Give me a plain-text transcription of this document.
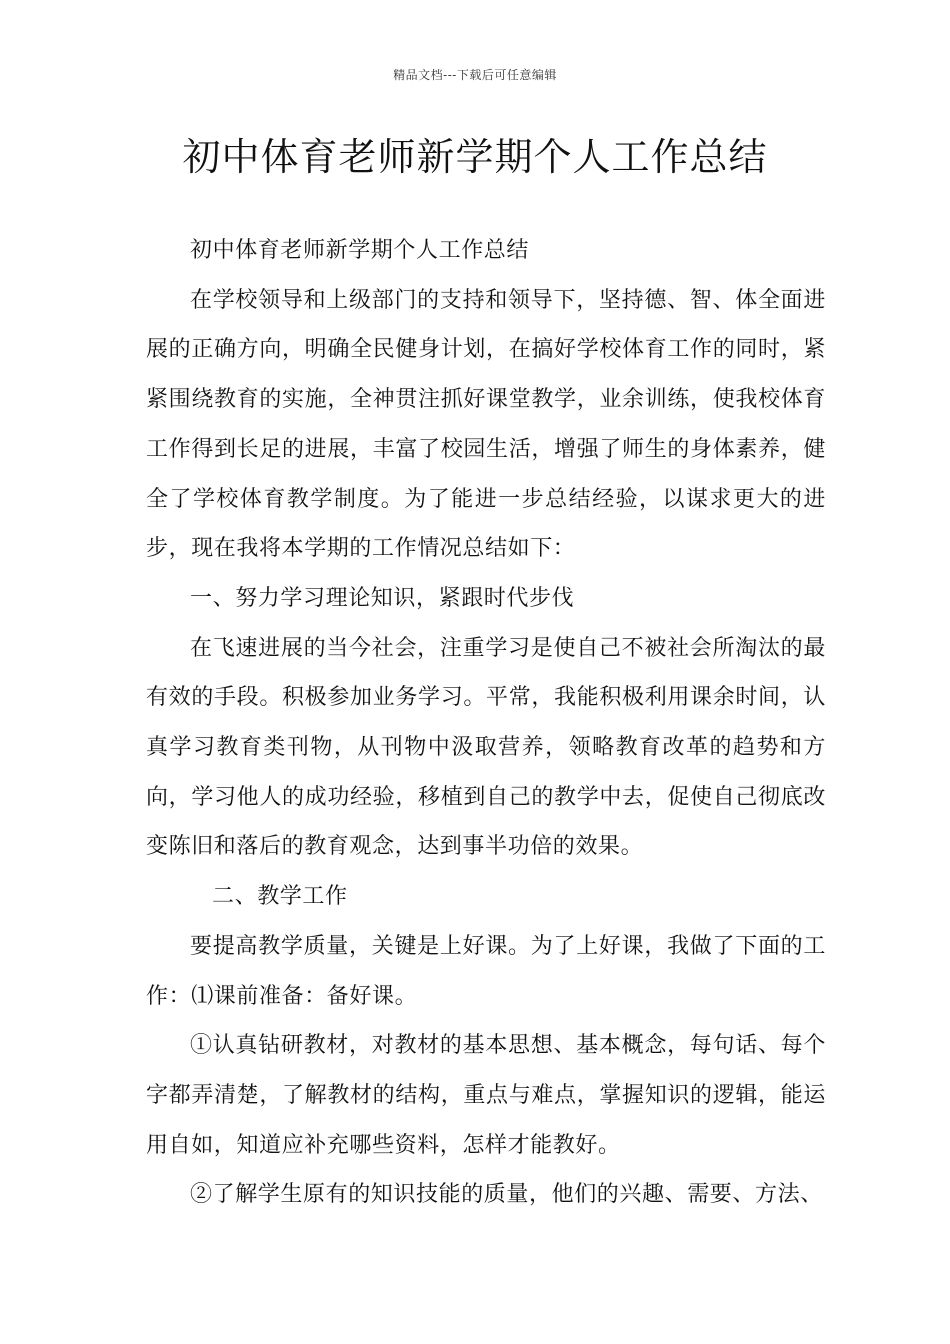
精品文档---下载后可任意编辑
初中体育老师新学期个人工作总结

初中体育老师新学期个人工作总结

在学校领导和上级部门的支持和领导下，坚持德、智、体全面进展的正确方向，明确全民健身计划，在搞好学校体育工作的同时，紧紧围绕教育的实施，全神贯注抓好课堂教学，业余训练，使我校体育工作得到长足的进展，丰富了校园生活，增强了师生的身体素养，健全了学校体育教学制度。为了能进一步总结经验，以谋求更大的进步，现在我将本学期的工作情况总结如下：

一、努力学习理论知识，紧跟时代步伐

在飞速进展的当今社会，注重学习是使自己不被社会所淘汰的最有效的手段。积极参加业务学习。平常，我能积极利用课余时间，认真学习教育类刊物，从刊物中汲取营养，领略教育改革的趋势和方向，学习他人的成功经验，移植到自己的教学中去，促使自己彻底改变陈旧和落后的教育观念，达到事半功倍的效果。

二、教学工作

要提高教学质量，关键是上好课。为了上好课，我做了下面的工作：⑴课前准备：备好课。

①认真钻研教材，对教材的基本思想、基本概念，每句话、每个字都弄清楚，了解教材的结构，重点与难点，掌握知识的逻辑，能运用自如，知道应补充哪些资料，怎样才能教好。

②了解学生原有的知识技能的质量，他们的兴趣、需要、方法、
